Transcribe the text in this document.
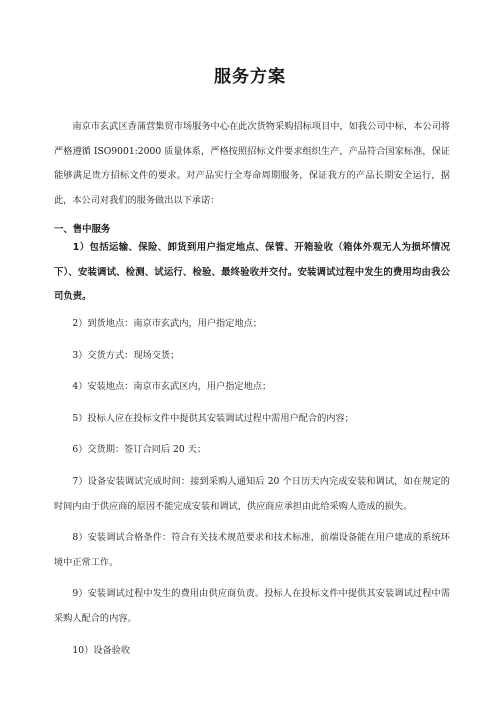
服务方案

南京市玄武区香蒲营集贸市场服务中心在此次货物采购招标项目中，如我公司中标，本公司将严格遵循 ISO9001:2000 质量体系，严格按照招标文件要求组织生产，产品符合国家标准，保证能够满足贵方招标文件的要求。对产品实行全寿命周期服务，保证我方的产品长期安全运行，据此，本公司对我们的服务做出以下承诺：

一、售中服务

1）包括运输、保险、卸货到用户指定地点、保管、开箱验收（箱体外观无人为损坏情况下）、安装调试、检测、试运行、检验、最终验收并交付。安装调试过程中发生的费用均由我公司负责。

2）到货地点：南京市玄武内，用户指定地点；

3）交货方式：现场交货；

4）安装地点：南京市玄武区内，用户指定地点；

5）投标人应在投标文件中提供其安装调试过程中需用户配合的内容；

6）交货期：签订合同后 20 天；

7）设备安装调试完成时间：接到采购人通知后 20 个日历天内完成安装和调试，如在规定的时间内由于供应商的原因不能完成安装和调试，供应商应承担由此给采购人造成的损失。

8）安装调试合格条件：符合有关技术规范要求和技术标准，前端设备能在用户建成的系统环境中正常工作。

9）安装调试过程中发生的费用由供应商负责。投标人在投标文件中提供其安装调试过程中需采购人配合的内容。

10）设备验收
